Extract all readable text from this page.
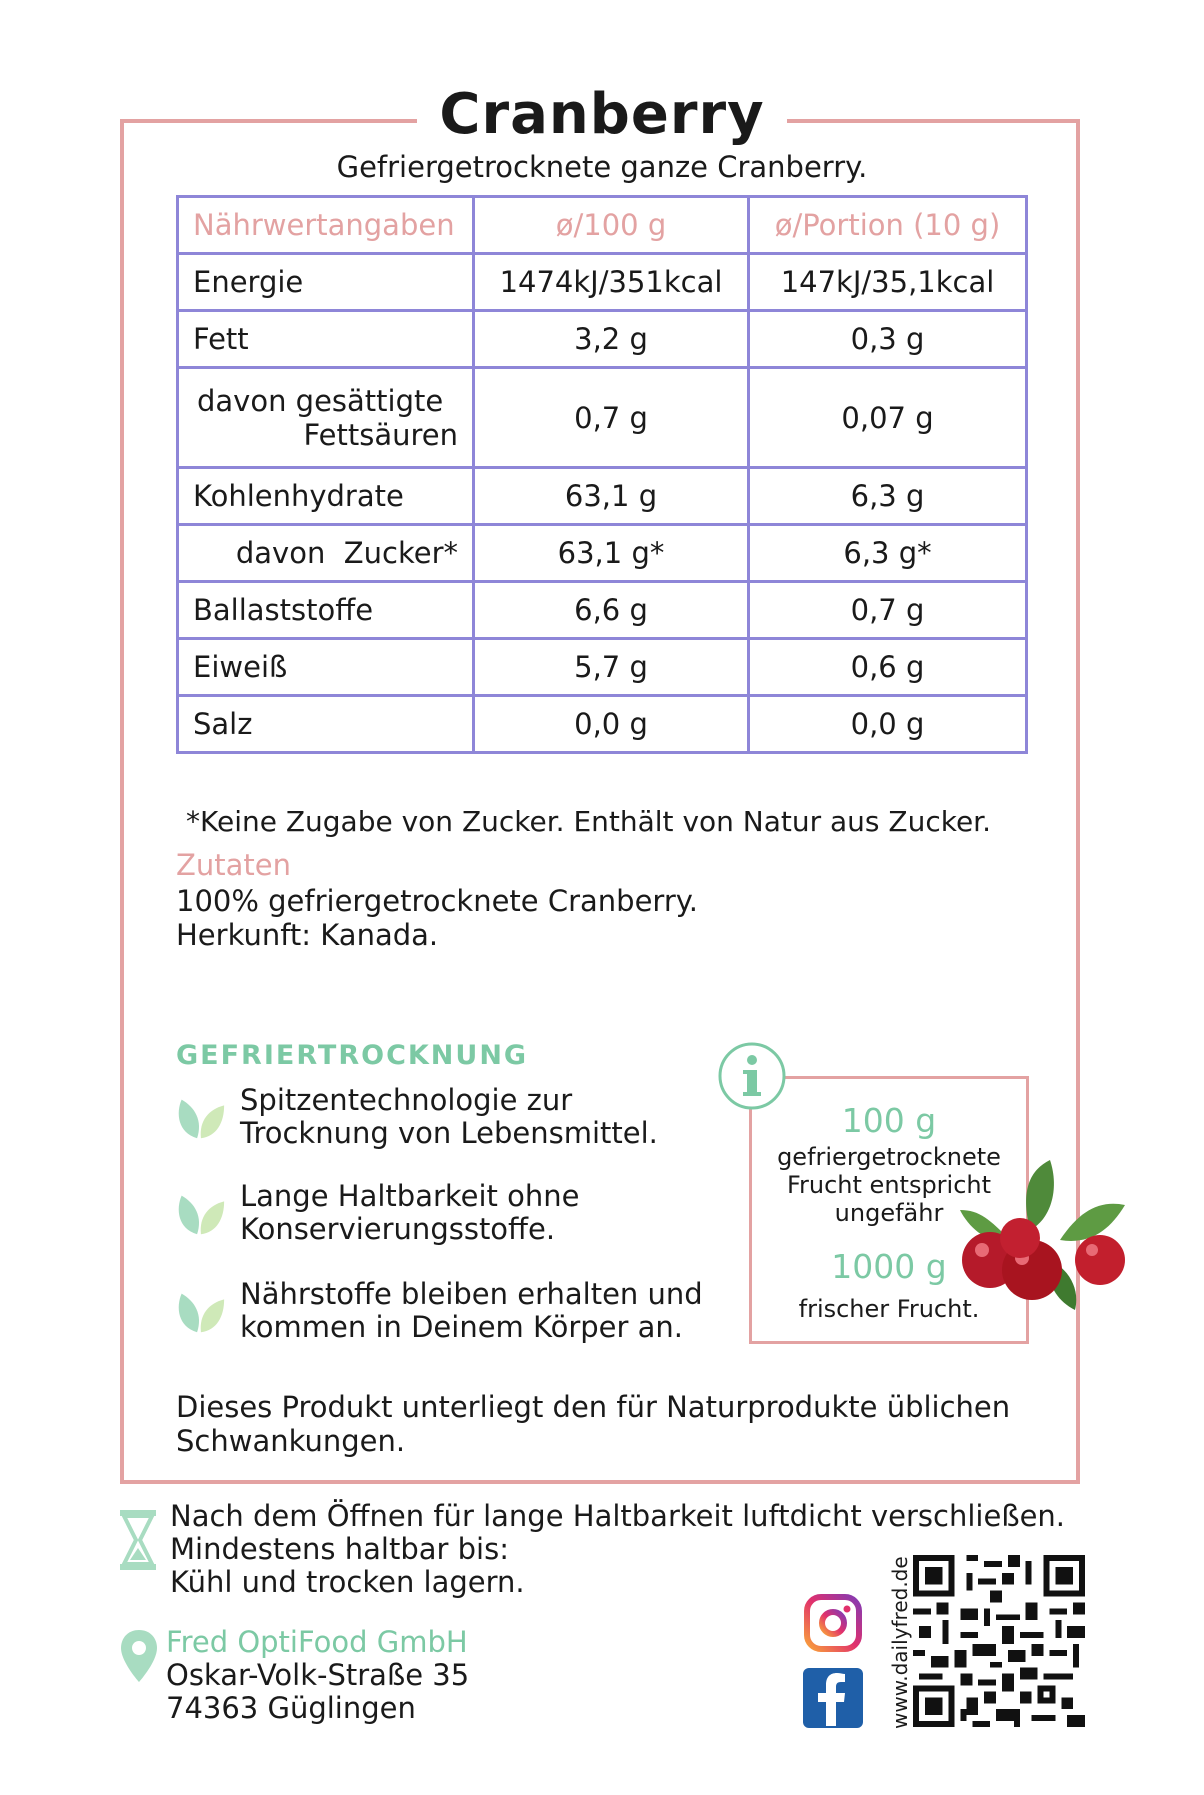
Cranberry
Gefriergetrocknete ganze Cranberry.
Nährwertangaben	ø/100 g	ø/Portion (10 g)
Energie	1474kJ/351kcal	147kJ/35,1kcal
Fett	3,2 g	0,3 g

davon gesättigte
Fettsäuren	0,7 g	0,07 g
Kohlenhydrate	63,1 g	6,3 g
davon  Zucker*	63,1 g*	6,3 g*
Ballaststoffe	6,6 g	0,7 g
Eiweiß	5,7 g	0,6 g
Salz	0,0 g	0,0 g
*Keine Zugabe von Zucker. Enthält von Natur aus Zucker.
Zutaten
100% gefriergetrocknete Cranberry.
Herkunft: Kanada.
GEFRIERTROCKNUNG
Spitzentechnologie zur
Trocknung von Lebensmittel.
Lange Haltbarkeit ohne
Konservierungsstoffe.
Nährstoffe bleiben erhalten und
kommen in Deinem Körper an.
100 g
gefriergetrocknete
Frucht entspricht
ungefähr
1000 g
frischer Frucht.
Dieses Produkt unterliegt den für Naturprodukte üblichen
Schwankungen.
Nach dem Öffnen für lange Haltbarkeit luftdicht verschließen.
Mindestens haltbar bis:
Kühl und trocken lagern.
Fred OptiFood GmbH
Oskar-Volk-Straße 35
74363 Güglingen	www.dailyfred.de
